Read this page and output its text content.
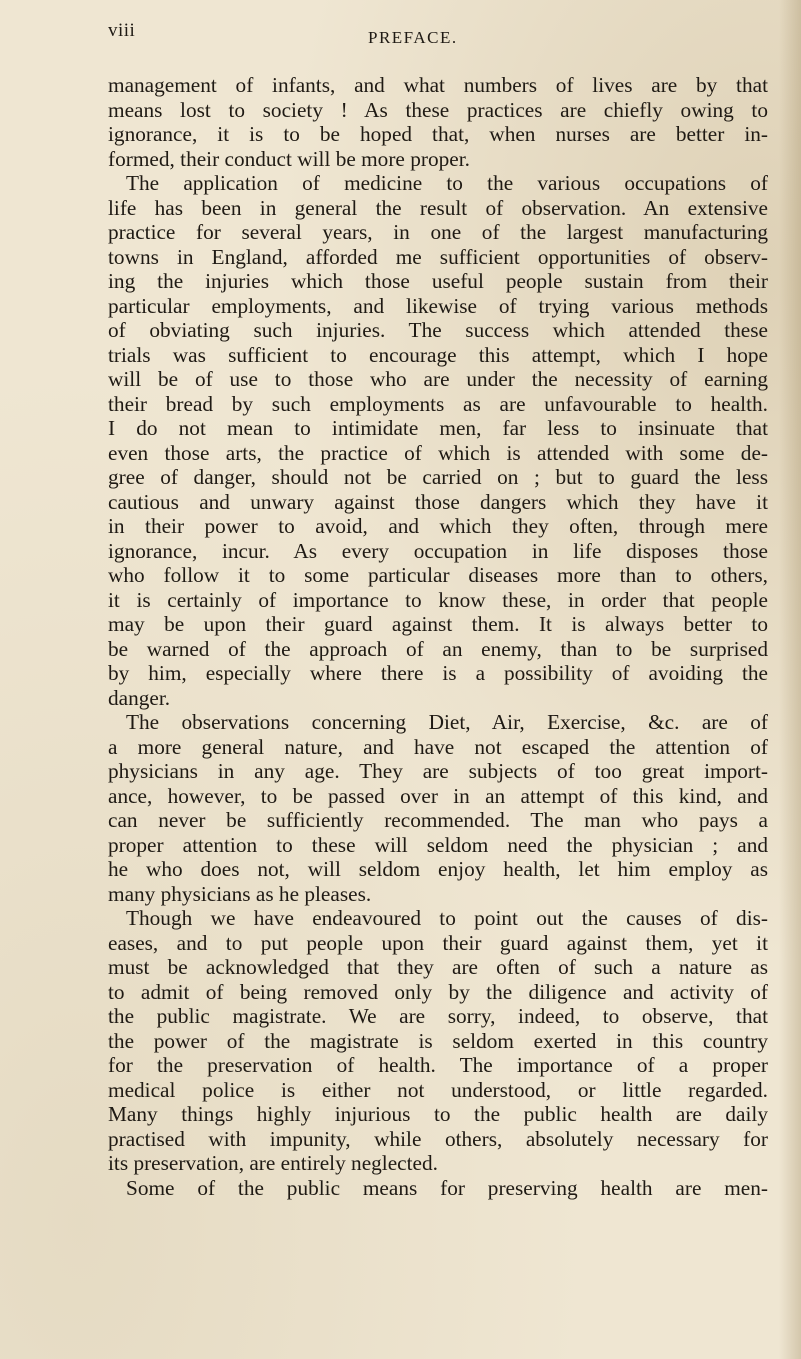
viii	PREFACE.
management of infants, and what numbers of lives are by that
means lost to society ! As these practices are chiefly owing to
ignorance, it is to be hoped that, when nurses are better in-
formed, their conduct will be more proper.
The application of medicine to the various occupations of
life has been in general the result of observation. An extensive
practice for several years, in one of the largest manufacturing
towns in England, afforded me sufficient opportunities of observ-
ing the injuries which those useful people sustain from their
particular employments, and likewise of trying various methods
of obviating such injuries. The success which attended these
trials was sufficient to encourage this attempt, which I hope
will be of use to those who are under the necessity of earning
their bread by such employments as are unfavourable to health.
I do not mean to intimidate men, far less to insinuate that
even those arts, the practice of which is attended with some de-
gree of danger, should not be carried on ; but to guard the less
cautious and unwary against those dangers which they have it
in their power to avoid, and which they often, through mere
ignorance, incur. As every occupation in life disposes those
who follow it to some particular diseases more than to others,
it is certainly of importance to know these, in order that people
may be upon their guard against them. It is always better to
be warned of the approach of an enemy, than to be surprised
by him, especially where there is a possibility of avoiding the
danger.
The observations concerning Diet, Air, Exercise, &c. are of
a more general nature, and have not escaped the attention of
physicians in any age. They are subjects of too great import-
ance, however, to be passed over in an attempt of this kind, and
can never be sufficiently recommended. The man who pays a
proper attention to these will seldom need the physician ; and
he who does not, will seldom enjoy health, let him employ as
many physicians as he pleases.
Though we have endeavoured to point out the causes of dis-
eases, and to put people upon their guard against them, yet it
must be acknowledged that they are often of such a nature as
to admit of being removed only by the diligence and activity of
the public magistrate. We are sorry, indeed, to observe, that
the power of the magistrate is seldom exerted in this country
for the preservation of health. The importance of a proper
medical police is either not understood, or little regarded.
Many things highly injurious to the public health are daily
practised with impunity, while others, absolutely necessary for
its preservation, are entirely neglected.
Some of the public means for preserving health are men-
